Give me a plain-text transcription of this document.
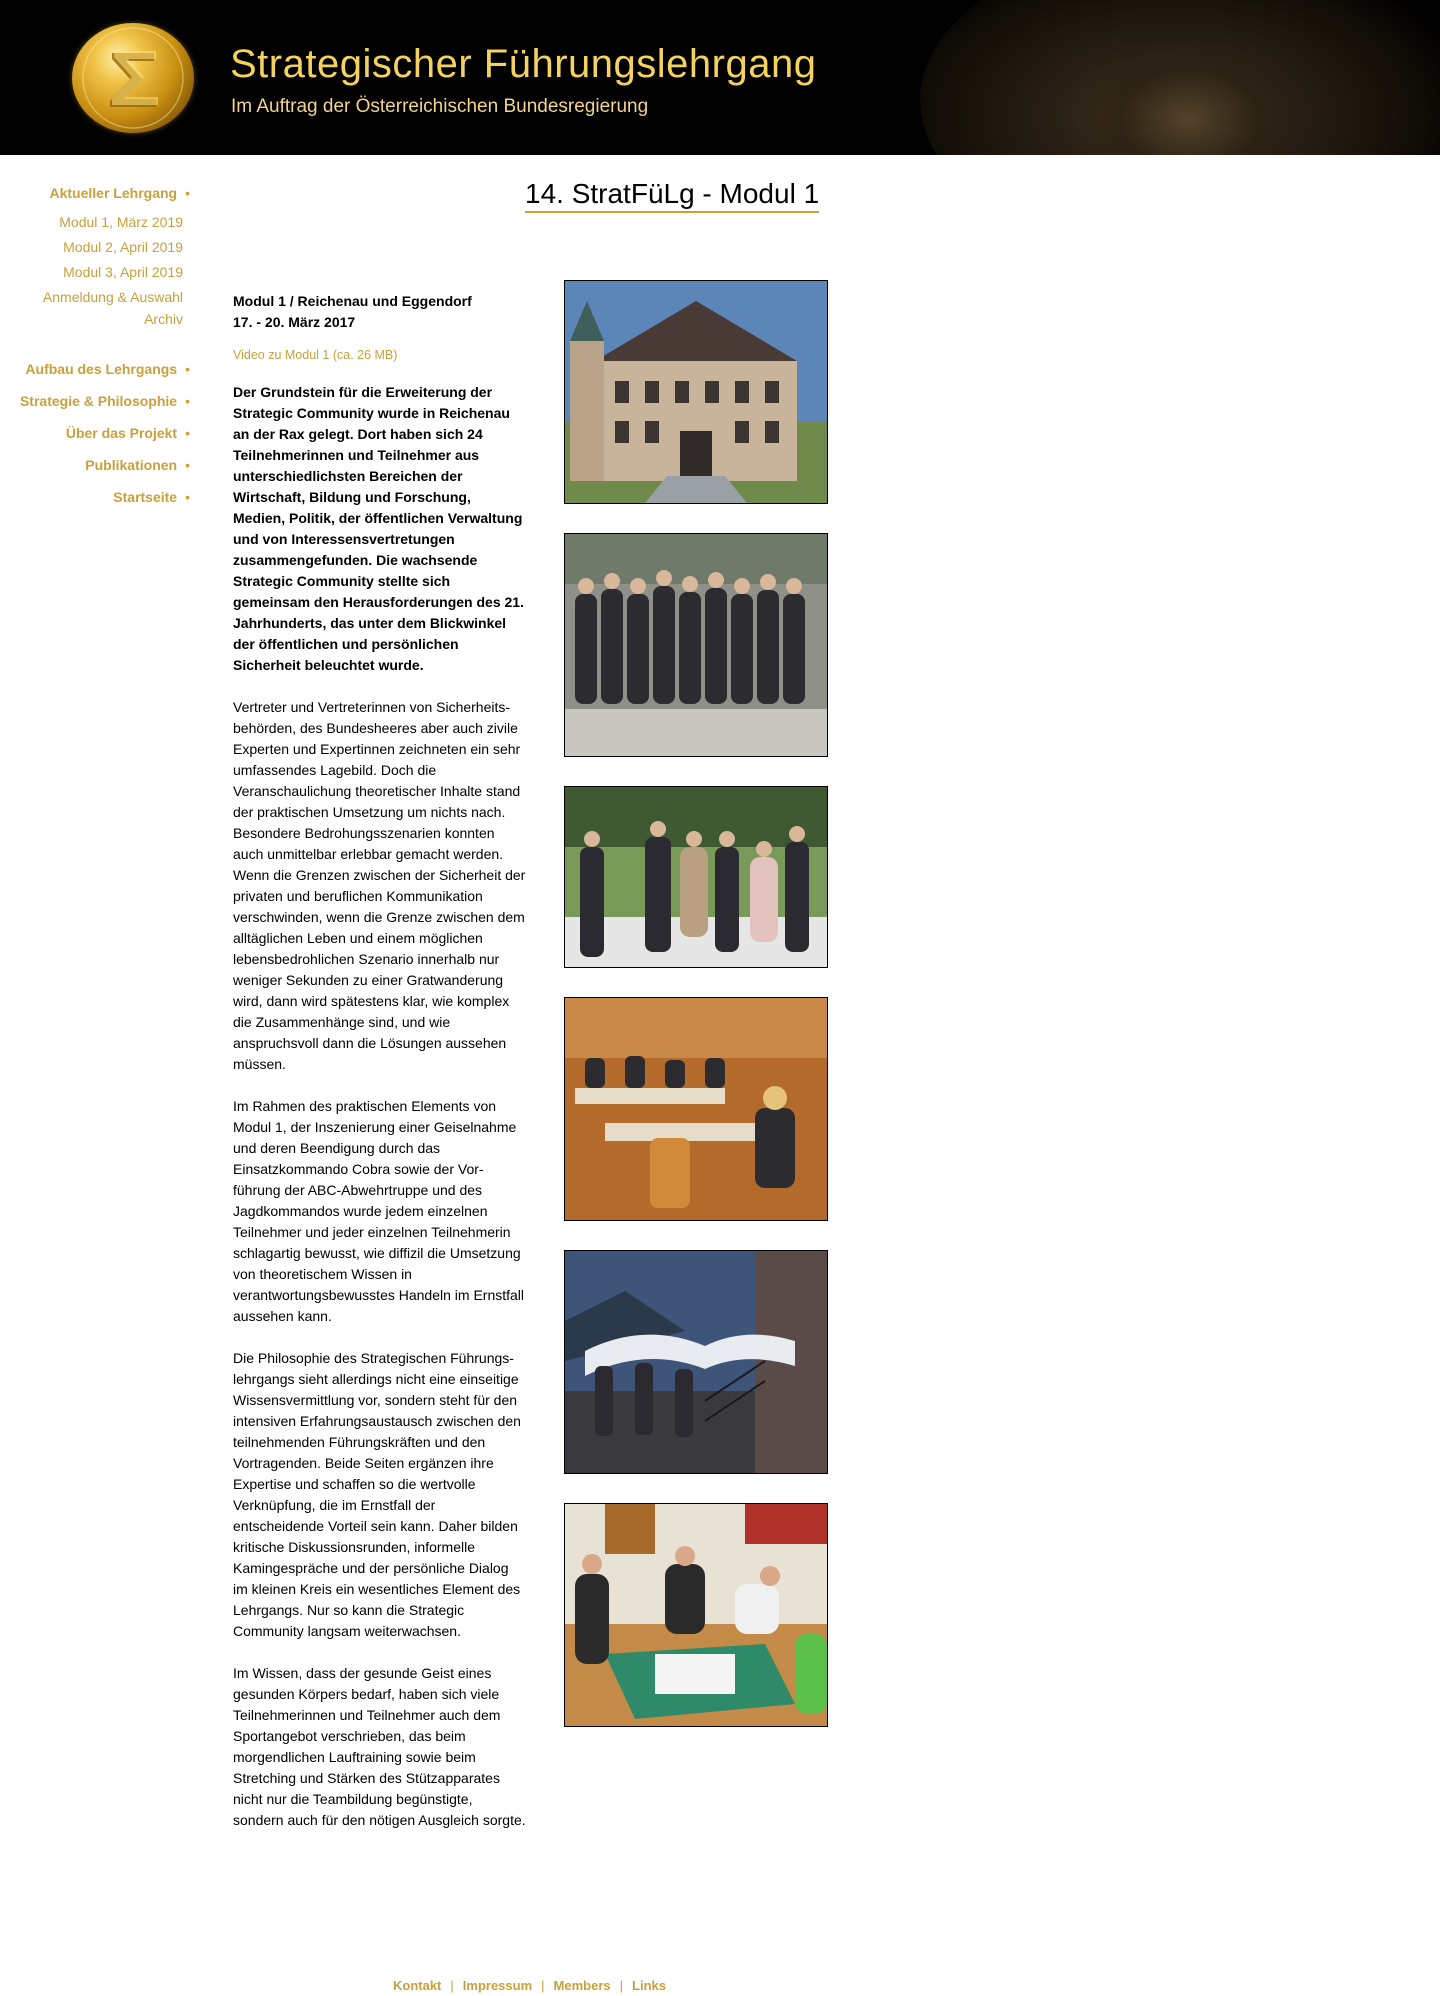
Strategischer Führungslehrgang
Im Auftrag der Österreichischen Bundesregierung
Aktueller Lehrgang •
Modul 1, März 2019
Modul 2, April 2019
Modul 3, April 2019
Anmeldung & Auswahl
Archiv
Aufbau des Lehrgangs •
Strategie & Philosophie •
Über das Projekt •
Publikationen •
Startseite •
14. StratFüLg - Modul 1
Modul 1 / Reichenau und Eggendorf
17. - 20. März 2017
Video zu Modul 1 (ca. 26 MB)

Der Grundstein für die Erweiterung der Strategic Community wurde in Reichenau an der Rax gelegt. Dort haben sich 24 Teilnehmerinnen und Teilnehmer aus unterschiedlichsten Bereichen der Wirtschaft, Bildung und Forschung, Medien, Politik, der öffentlichen Verwaltung und von Interessensvertretungen zusammengefunden. Die wachsende Strategic Community stellte sich gemeinsam den Herausforderungen des 21. Jahrhunderts, das unter dem Blickwinkel der öffentlichen und persönlichen Sicherheit beleuchtet wurde.

Vertreter und Vertreterinnen von Sicherheits-behörden, des Bundesheeres aber auch zivile Experten und Expertinnen zeichneten ein sehr umfassendes Lagebild. Doch die Veranschaulichung theoretischer Inhalte stand der praktischen Umsetzung um nichts nach. Besondere Bedrohungsszenarien konnten auch unmittelbar erlebbar gemacht werden. Wenn die Grenzen zwischen der Sicherheit der privaten und beruflichen Kommunikation verschwinden, wenn die Grenze zwischen dem alltäglichen Leben und einem möglichen lebensbedrohlichen Szenario innerhalb nur weniger Sekunden zu einer Gratwanderung wird, dann wird spätestens klar, wie komplex die Zusammenhänge sind, und wie anspruchsvoll dann die Lösungen aussehen müssen.

Im Rahmen des praktischen Elements von Modul 1, der Inszenierung einer Geiselnahme und deren Beendigung durch das Einsatzkommando Cobra sowie der Vor-führung der ABC-Abwehrtruppe und des Jagdkommandos wurde jedem einzelnen Teilnehmer und jeder einzelnen Teilnehmerin schlagartig bewusst, wie diffizil die Umsetzung von theoretischem Wissen in verantwortungsbewusstes Handeln im Ernstfall aussehen kann.

Die Philosophie des Strategischen Führungs-lehrgangs sieht allerdings nicht eine einseitige Wissensvermittlung vor, sondern steht für den intensiven Erfahrungsaustausch zwischen den teilnehmenden Führungskräften und den Vortragenden. Beide Seiten ergänzen ihre Expertise und schaffen so die wertvolle Verknüpfung, die im Ernstfall der entscheidende Vorteil sein kann. Daher bilden kritische Diskussionsrunden, informelle Kamingespräche und der persönliche Dialog im kleinen Kreis ein wesentliches Element des Lehrgangs. Nur so kann die Strategic Community langsam weiterwachsen.

Im Wissen, dass der gesunde Geist eines gesunden Körpers bedarf, haben sich viele Teilnehmerinnen und Teilnehmer auch dem Sportangebot verschrieben, das beim morgendlichen Lauftraining sowie beim Stretching und Stärken des Stützapparates nicht nur die Teambildung begünstigte, sondern auch für den nötigen Ausgleich sorgte.

Kontakt | Impressum | Members | Links
